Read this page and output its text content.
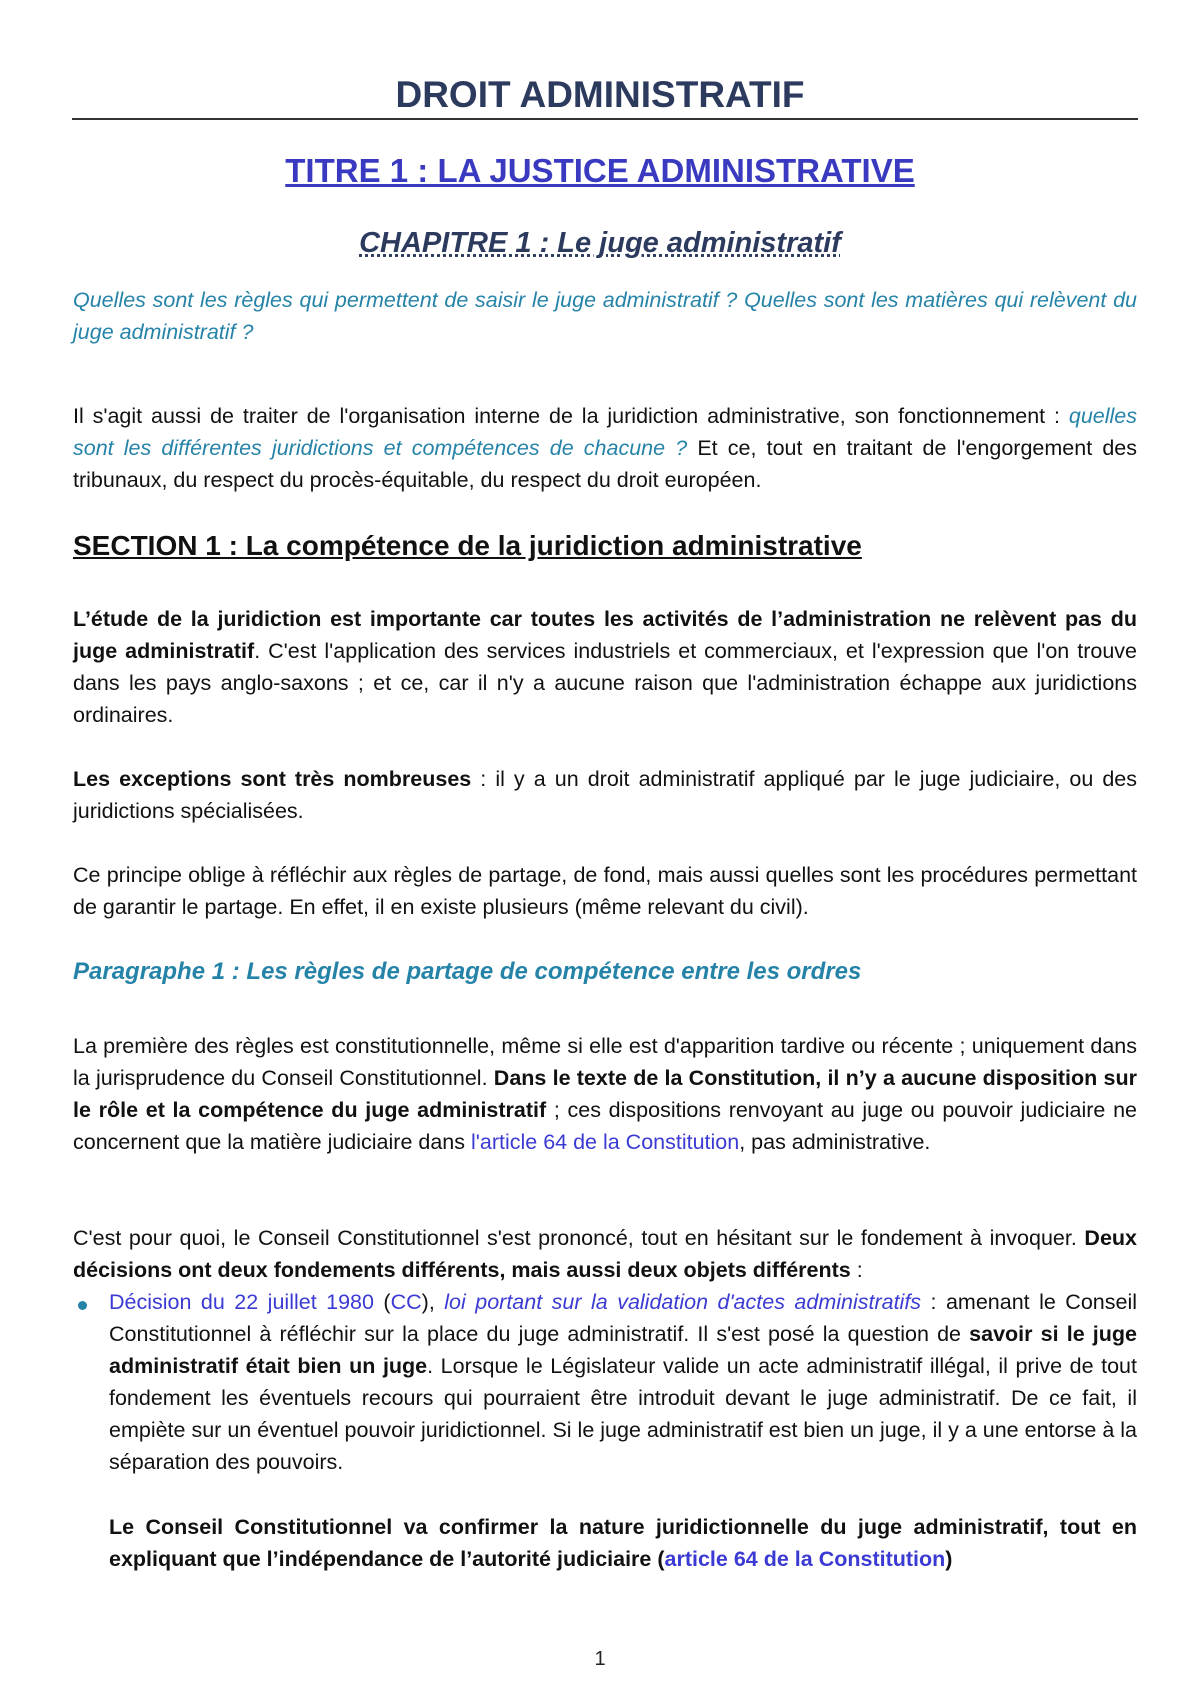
DROIT ADMINISTRATIF
TITRE 1 : LA JUSTICE ADMINISTRATIVE
CHAPITRE 1 : Le juge administratif

Quelles sont les règles qui permettent de saisir le juge administratif ? Quelles sont les matières qui relèvent du juge administratif ?

Il s'agit aussi de traiter de l'organisation interne de la juridiction administrative, son fonctionnement : quelles sont les différentes juridictions et compétences de chacune ? Et ce, tout en traitant de l'engorgement des tribunaux, du respect du procès-équitable, du respect du droit européen.

SECTION 1 : La compétence de la juridiction administrative

L’étude de la juridiction est importante car toutes les activités de l’administration ne relèvent pas du juge administratif. C'est l'application des services industriels et commerciaux, et l'expression que l'on trouve dans les pays anglo-saxons ; et ce, car il n'y a aucune raison que l'administration échappe aux juridictions ordinaires.

Les exceptions sont très nombreuses : il y a un droit administratif appliqué par le juge judiciaire, ou des juridictions spécialisées.

Ce principe oblige à réfléchir aux règles de partage, de fond, mais aussi quelles sont les procédures permettant de garantir le partage. En effet, il en existe plusieurs (même relevant du civil).

Paragraphe 1 : Les règles de partage de compétence entre les ordres

La première des règles est constitutionnelle, même si elle est d'apparition tardive ou récente ; uniquement dans la jurisprudence du Conseil Constitutionnel. Dans le texte de la Constitution, il n’y a aucune disposition sur le rôle et la compétence du juge administratif ; ces dispositions renvoyant au juge ou pouvoir judiciaire ne concernent que la matière judiciaire dans l'article 64 de la Constitution, pas administrative.

C'est pour quoi, le Conseil Constitutionnel s'est prononcé, tout en hésitant sur le fondement à invoquer. Deux décisions ont deux fondements différents, mais aussi deux objets différents :

Décision du 22 juillet 1980 (CC), loi portant sur la validation d'actes administratifs : amenant le Conseil Constitutionnel à réfléchir sur la place du juge administratif. Il s'est posé la question de savoir si le juge administratif était bien un juge. Lorsque le Législateur valide un acte administratif illégal, il prive de tout fondement les éventuels recours qui pourraient être introduit devant le juge administratif. De ce fait, il empiète sur un éventuel pouvoir juridictionnel. Si le juge administratif est bien un juge, il y a une entorse à la séparation des pouvoirs.

Le Conseil Constitutionnel va confirmer la nature juridictionnelle du juge administratif, tout en expliquant que l’indépendance de l’autorité judiciaire (article 64 de la Constitution)

1
